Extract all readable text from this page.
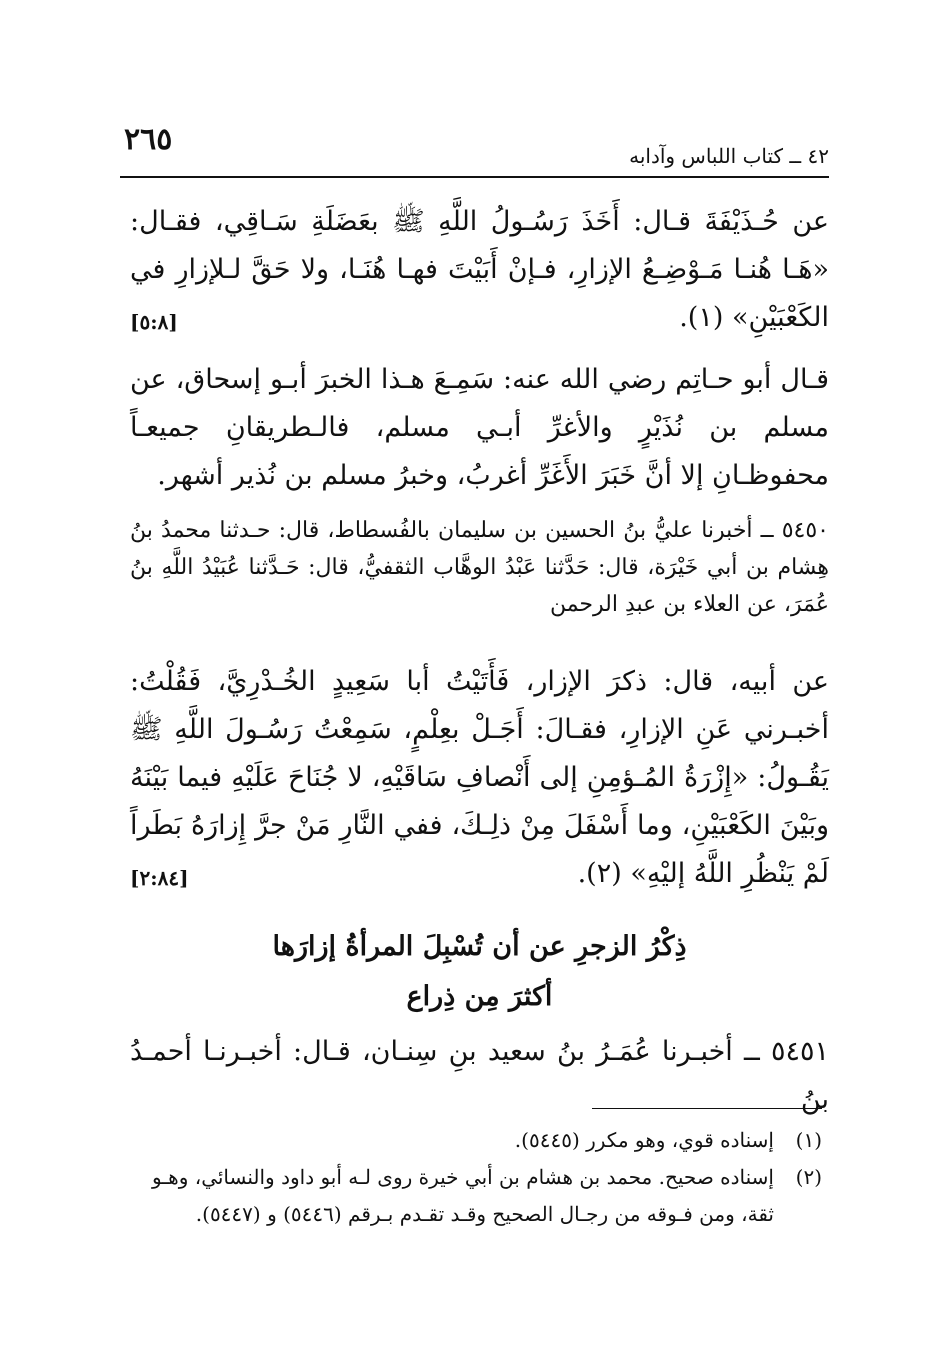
٢٦٥	٤٢ ــ كتاب اللباس وآدابه
عن حُـذَيْفَةَ قـال: أَخَذَ رَسُـولُ اللَّهِ ﷺ بعَضَلَةِ سَـاقِي، فقـال: «هَـا هُنـا مَـوْضِـعُ الإزارِ، فـإنْ أَبَيْتَ فهـا هُنَـا، ولا حَقَّ لـلإزارِ في الكَعْبَيْنِ» (١).
[٥:٨]
قـال أبو حـاتِم رضي الله عنه: سَمِـعَ هـذا الخبرَ أبـو إسحاق، عن مسلم بن نُذَيْرٍ والأغرِّ أبـي مسلم، فالـطريقانِ جميعـاً محفوظـانِ إلا أنَّ خَبَرَ الأَغَرِّ أغربُ، وخبرُ مسلم بن نُذير أشهر.
٥٤٥٠ ــ أخبرنا عليُّ بنُ الحسين بن سليمان بالفُسطاط، قال: حـدثنا محمدُ بنُ هِشام بن أبي خَيْرَة، قال: حَدَّثنا عَبْدُ الوهَّاب الثقفيُّ، قال: حَـدَّثنا عُبَيْدُ اللَّهِ بنُ عُمَرَ، عن العلاء بن عبدِ الرحمن
عن أبيه، قال: ذكرَ الإزار، فَأَتَيْتُ أبا سَعِيدٍ الخُـدْرِيَّ، فَقُلْتُ: أخبـرني عَنِ الإزارِ، فقـالَ: أَجَـلْ بعِلْمٍ، سَمِعْتُ رَسُـولَ اللَّهِ ﷺ يَقُـولُ: «إِزْرَةُ المُـؤمِنِ إلى أَنْصافِ سَاقَيْهِ، لا جُنَاحَ عَلَيْهِ فيما بَيْنَهُ وبَيْنَ الكَعْبَيْنِ، وما أَسْفَلَ مِنْ ذلِـكَ، ففي النَّارِ مَنْ جرَّ إِزارَهُ بَطَراً لَمْ يَنْظُرِ اللَّهُ إليْهِ» (٢).
[٢:٨٤]
ذِكْرُ الزجرِ عن أن تُسْبِلَ المرأةُ إزارَها
أكثرَ مِن ذِراع
٥٤٥١ ــ أخبـرنا عُمَـرُ بنُ سعيد بنِ سِنـان، قـال: أخبـرنـا أحمـدُ بنُ
(١)
إسناده قوي، وهو مكرر (٥٤٤٥).
(٢)
إسناده صحيح. محمد بن هشام بن أبي خيرة روى لـه أبو داود والنسائي، وهـو ثقة، ومن فـوقه من رجـال الصحيح وقـد تقـدم بـرقم (٥٤٤٦) و (٥٤٤٧).
